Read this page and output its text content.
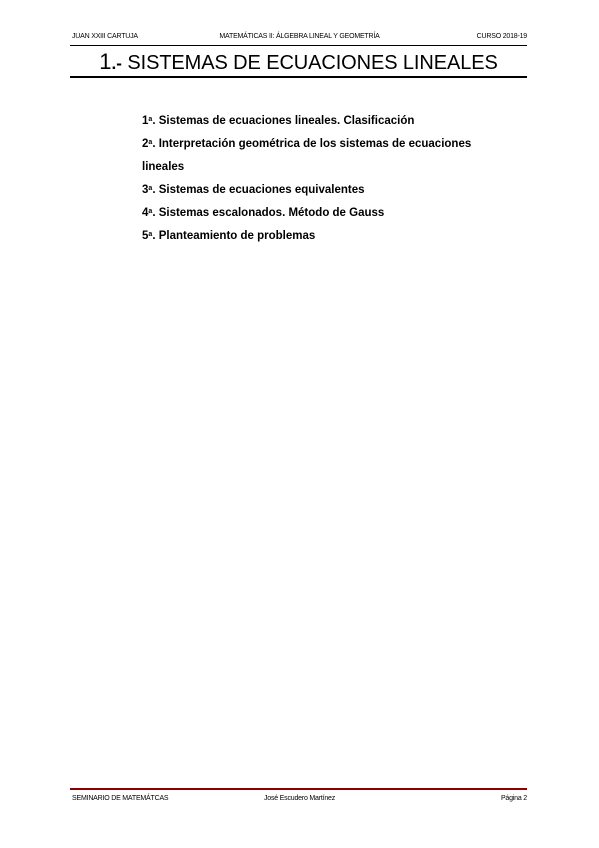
JUAN XXIII CARTUJA	MATEMÁTICAS II: ÁLGEBRA LINEAL Y GEOMETRÍA	CURSO 2018-19
1.- SISTEMAS DE ECUACIONES LINEALES
1$^a$. Sistemas de ecuaciones lineales. Clasificación
2$^a$. Interpretación geométrica de los sistemas de ecuaciones lineales
3$^a$. Sistemas de ecuaciones equivalentes
4$^a$. Sistemas escalonados. Método de Gauss
5$^a$. Planteamiento de problemas
SEMINARIO DE MATEMÁTCAS	José Escudero Martínez	Página 2
